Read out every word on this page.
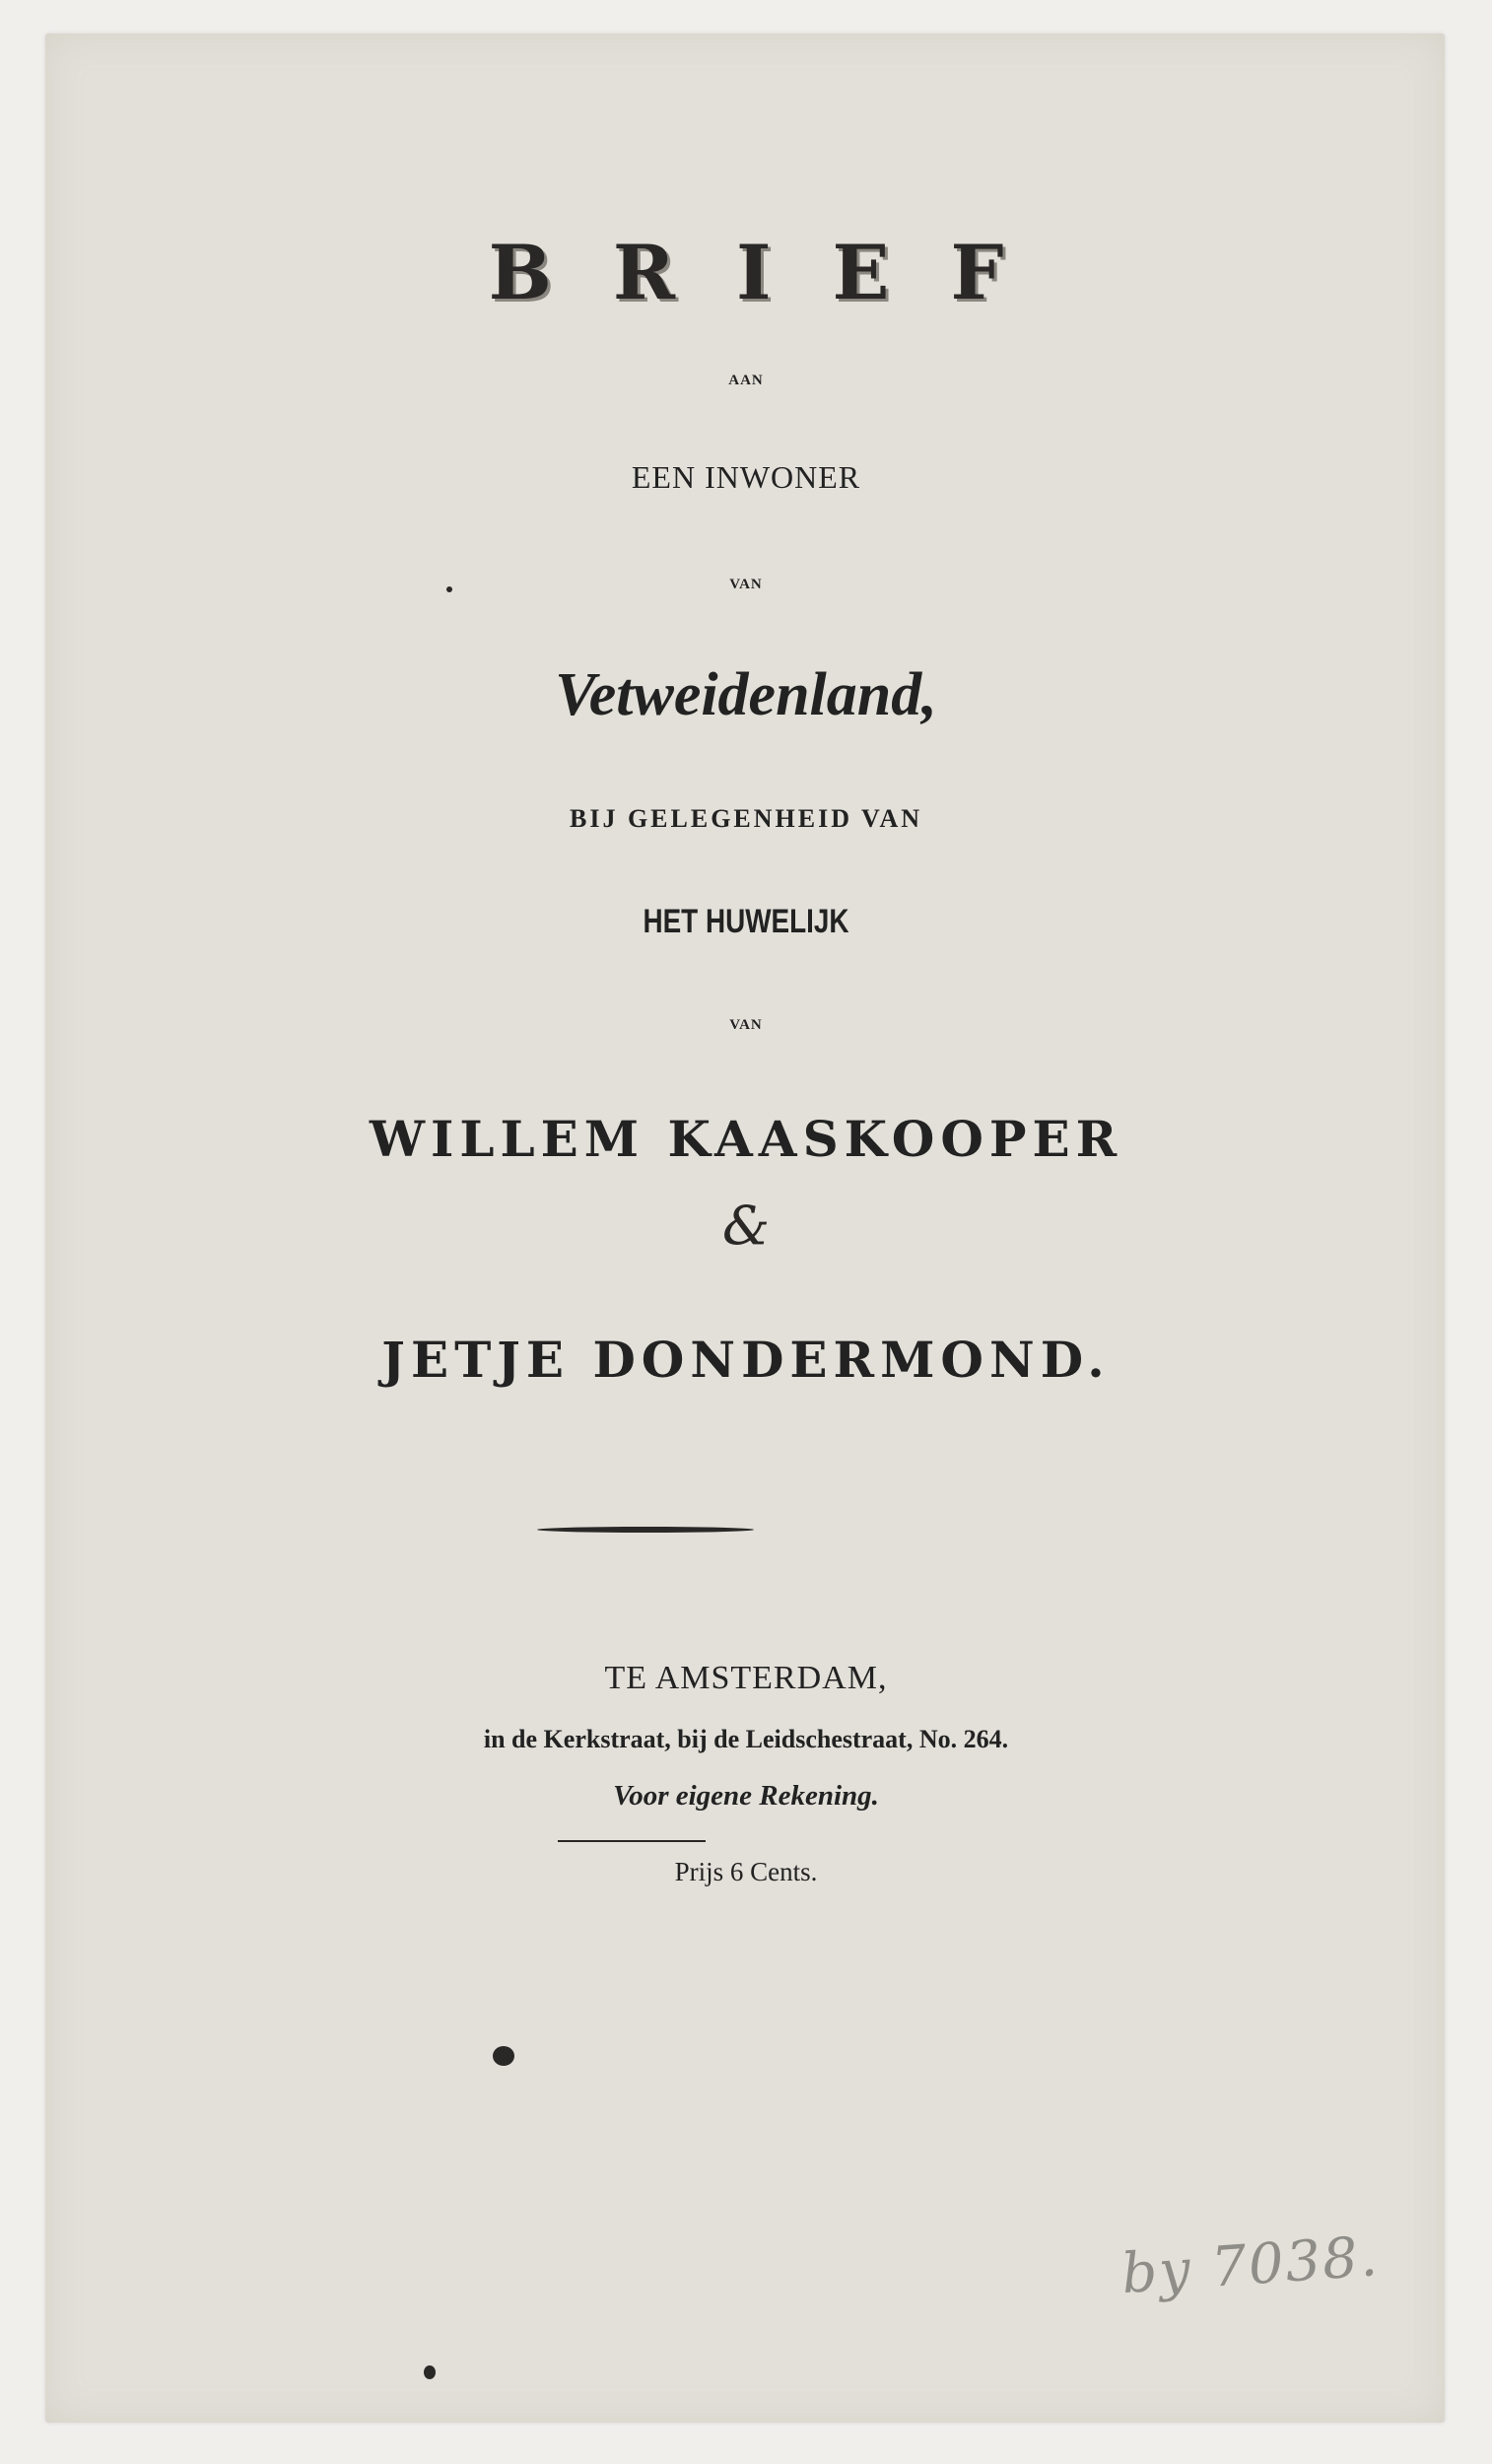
BRIEF
AAN
EEN INWONER
VAN
Vetweidenland,
BIJ GELEGENHEID VAN
HET HUWELIJK
VAN
WILLEM KAASKOOPER
&
JETJE DONDERMOND.
TE AMSTERDAM,
in de Kerkstraat, bij de Leidschestraat, No. 264.
Voor eigene Rekening.
Prijs 6 Cents.
by 7038.
